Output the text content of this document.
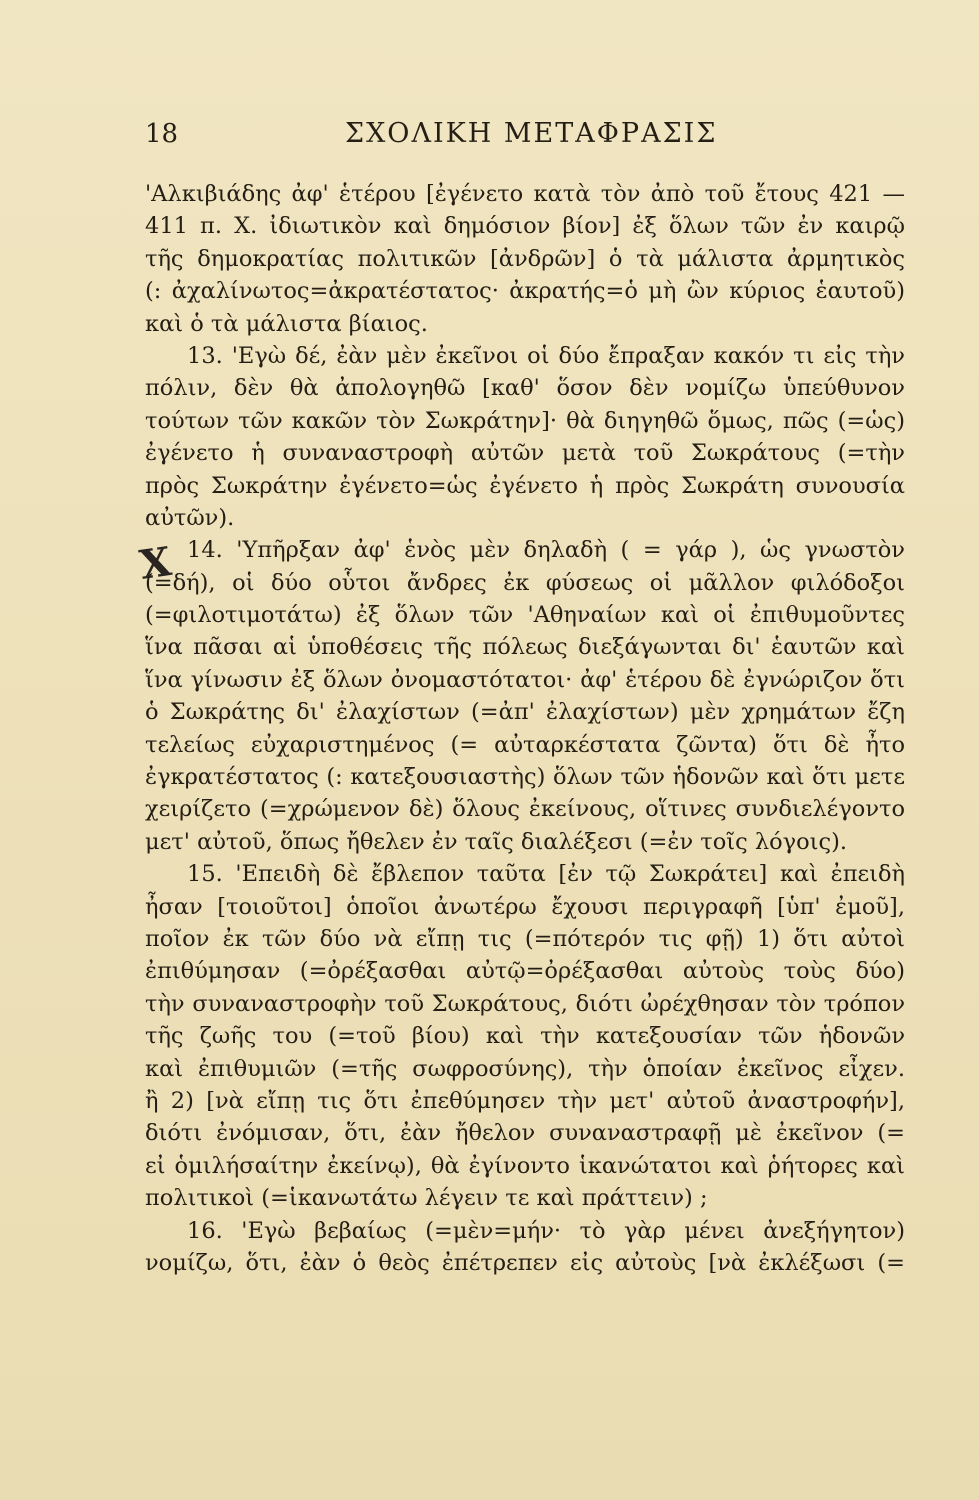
18	ΣΧΟΛΙΚΗ ΜΕΤΑΦΡΑΣΙΣ
X
'Αλκιβιάδης ἀφ' ἑτέρου [ἐγένετο κατὰ τὸν ἀπὸ τοῦ ἔτους 421 —
411 π. Χ. ἰδιωτικὸν καὶ δημόσιον βίον] ἐξ ὅλων τῶν ἐν καιρῷ
τῆς δημοκρατίας πολιτικῶν [ἀνδρῶν] ὁ τὰ μάλιστα ἀρμητικὸς
(: ἀχαλίνωτος=ἀκρατέστατος· ἀκρατής=ὁ μὴ ὢν κύριος ἑαυτοῦ)
καὶ ὁ τὰ μάλιστα βίαιος.
13. 'Εγὼ δέ, ἐὰν μὲν ἐκεῖνοι οἱ δύο ἔπραξαν κακόν τι εἰς τὴν
πόλιν, δὲν θὰ ἀπολογηθῶ [καθ' ὅσον δὲν νομίζω ὑπεύθυνον
τούτων τῶν κακῶν τὸν Σωκράτην]· θὰ διηγηθῶ ὅμως, πῶς (=ὡς)
ἐγένετο ἡ συναναστροφὴ αὐτῶν μετὰ τοῦ Σωκράτους (=τὴν
πρὸς Σωκράτην ἐγένετο=ὡς ἐγένετο ἡ πρὸς Σωκράτη συνουσία
αὐτῶν).
14. 'Υπῆρξαν ἀφ' ἑνὸς μὲν δηλαδὴ ( = γάρ ), ὡς γνωστὸν
(=δή), οἱ δύο οὗτοι ἄνδρες ἐκ φύσεως οἱ μᾶλλον φιλόδοξοι
(=φιλοτιμοτάτω) ἐξ ὅλων τῶν 'Αθηναίων καὶ οἱ ἐπιθυμοῦντες
ἵνα πᾶσαι αἱ ὑποθέσεις τῆς πόλεως διεξάγωνται δι' ἑαυτῶν καὶ
ἵνα γίνωσιν ἐξ ὅλων ὀνομαστότατοι· ἀφ' ἑτέρου δὲ ἐγνώριζον ὅτι
ὁ Σωκράτης δι' ἐλαχίστων (=ἀπ' ἐλαχίστων) μὲν χρημάτων ἔζη
τελείως εὐχαριστημένος (= αὐταρκέστατα ζῶντα) ὅτι δὲ ἦτο
ἐγκρατέστατος (: κατεξουσιαστὴς) ὅλων τῶν ἡδονῶν καὶ ὅτι μετε
χειρίζετο (=χρώμενον δὲ) ὅλους ἐκείνους, οἵτινες συνδιελέγοντο
μετ' αὐτοῦ, ὅπως ἤθελεν ἐν ταῖς διαλέξεσι (=ἐν τοῖς λόγοις).
15. 'Επειδὴ δὲ ἔβλεπον ταῦτα [ἐν τῷ Σωκράτει] καὶ ἐπειδὴ
ἦσαν [τοιοῦτοι] ὁποῖοι ἀνωτέρω ἔχουσι περιγραφῆ [ὑπ' ἐμοῦ],
ποῖον ἐκ τῶν δύο νὰ εἴπῃ τις (=πότερόν τις φῇ) 1) ὅτι αὐτοὶ
ἐπιθύμησαν (=ὀρέξασθαι αὐτῷ=ὀρέξασθαι αὐτοὺς τοὺς δύο)
τὴν συναναστροφὴν τοῦ Σωκράτους, διότι ὠρέχθησαν τὸν τρόπον
τῆς ζωῆς του (=τοῦ βίου) καὶ τὴν κατεξουσίαν τῶν ἡδονῶν
καὶ ἐπιθυμιῶν (=τῆς σωφροσύνης), τὴν ὁποίαν ἐκεῖνος εἶχεν.
ἢ 2) [νὰ εἴπῃ τις ὅτι ἐπεθύμησεν τὴν μετ' αὐτοῦ ἀναστροφήν],
διότι ἐνόμισαν, ὅτι, ἐὰν ἤθελον συναναστραφῇ μὲ ἐκεῖνον (=
εἰ ὁμιλήσαίτην ἐκείνῳ), θὰ ἐγίνοντο ἱκανώτατοι καὶ ῥήτορες καὶ
πολιτικοὶ (=ἱκανωτάτω λέγειν τε καὶ πράττειν) ;
16. 'Εγὼ βεβαίως (=μὲν=μήν· τὸ γὰρ μένει ἀνεξήγητον)
νομίζω, ὅτι, ἐὰν ὁ θεὸς ἐπέτρεπεν εἰς αὐτοὺς [νὰ ἐκλέξωσι (=
